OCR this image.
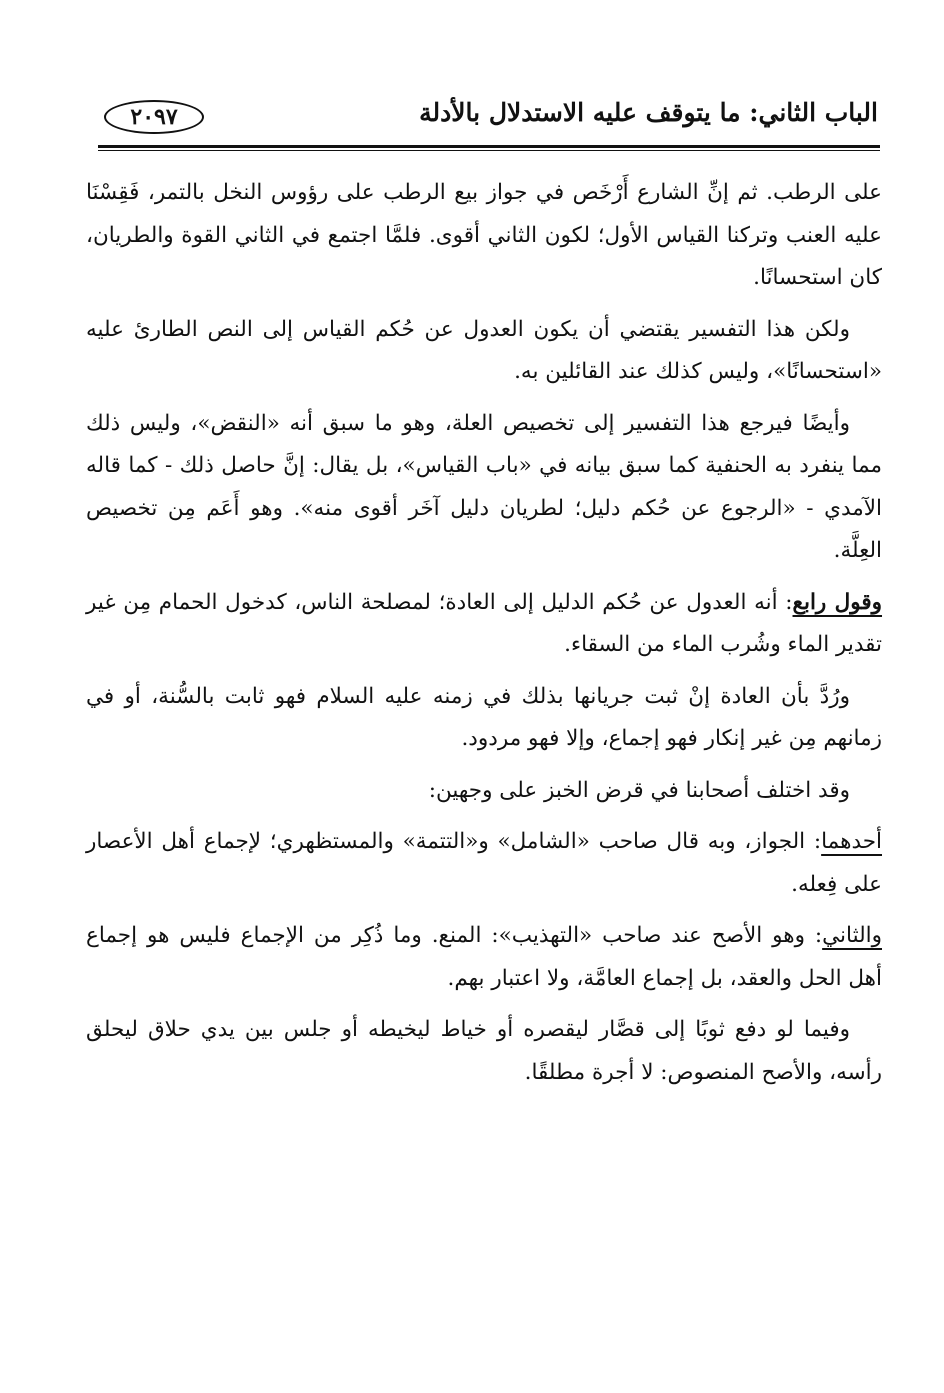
الباب الثاني: ما يتوقف عليه الاستدلال بالأدلة
٢٠٩٧

على الرطب. ثم إنِّ الشارع أَرْخَص في جواز بيع الرطب على رؤوس النخل بالتمر، فَقِسْنَا عليه العنب وتركنا القياس الأول؛ لكون الثاني أقوى. فلمَّا اجتمع في الثاني القوة والطريان، كان استحسانًا.

ولكن هذا التفسير يقتضي أن يكون العدول عن حُكم القياس إلى النص الطارئ عليه «استحسانًا»، وليس كذلك عند القائلين به.

وأيضًا فيرجع هذا التفسير إلى تخصيص العلة، وهو ما سبق أنه «النقض»، وليس ذلك مما ينفرد به الحنفية كما سبق بيانه في «باب القياس»، بل يقال: إنَّ حاصل ذلك - كما قاله الآمدي - «الرجوع عن حُكم دليل؛ لطريان دليل آخَر أقوى منه». وهو أَعَم مِن تخصيص العِلَّة.

وقول رابع: أنه العدول عن حُكم الدليل إلى العادة؛ لمصلحة الناس، كدخول الحمام مِن غير تقدير الماء وشُرب الماء من السقاء.

ورُدَّ بأن العادة إنْ ثبت جريانها بذلك في زمنه عليه السلام فهو ثابت بالسُّنة، أو في زمانهم مِن غير إنكار فهو إجماع، وإلا فهو مردود.

وقد اختلف أصحابنا في قرض الخبز على وجهين:

أحدهما: الجواز، وبه قال صاحب «الشامل» و«التتمة» والمستظهري؛ لإجماع أهل الأعصار على فِعله.

والثاني: وهو الأصح عند صاحب «التهذيب»: المنع. وما ذُكِر من الإجماع فليس هو إجماع أهل الحل والعقد، بل إجماع العامَّة، ولا اعتبار بهم.

وفيما لو دفع ثوبًا إلى قصَّار ليقصره أو خياط ليخيطه أو جلس بين يدي حلاق ليحلق رأسه، والأصح المنصوص: لا أجرة مطلقًا.
